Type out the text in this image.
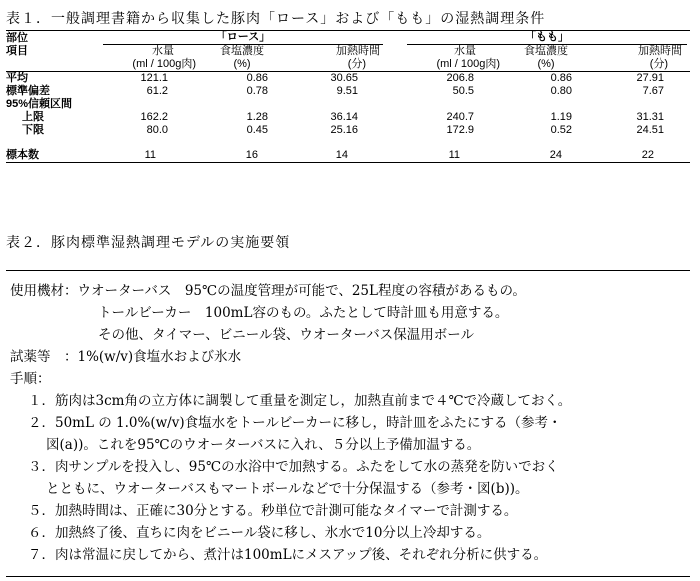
表１．一般調理書籍から収集した豚肉「ロース」および「もも」の湿熱調理条件
部位	「ロース」				「もも」		
項目	水量	食塩濃度	加熱時間		水量	食塩濃度	加熱時間
	(ml / 100g肉)	(%)	(分)		(ml / 100g肉)	(%)	(分)
平均	121.1	0.86	30.65		206.8	0.86	27.91
標準偏差	61.2	0.78	9.51		50.5	0.80	7.67
95%信頼区間							
上限	162.2	1.28	36.14		240.7	1.19	31.31
下限	80.0	0.45	25.16		172.9	0.52	24.51

標本数	11	16	14		11	24	22
表２．豚肉標準湿熱調理モデルの実施要領
使用機材：ウオーターバス　95℃の温度管理が可能で、25L程度の容積があるもの。
トールビーカー　100mL容のもの。ふたとして時計皿も用意する。
その他、タイマー、ビニール袋、ウオーターバス保温用ボール
試薬等　：1%(w/v)食塩水および氷水
手順：
１．筋肉は3cm角の立方体に調製して重量を測定し，加熱直前まで４℃で冷蔵しておく。
２．50mL の 1.0%(w/v)食塩水をトールビーカーに移し，時計皿をふたにする（参考・
図(a))。これを95℃のウオーターバスに入れ、５分以上予備加温する。
３．肉サンプルを投入し、95℃の水浴中で加熱する。ふたをして水の蒸発を防いでおく
とともに、ウオーターバスもマートボールなどで十分保温する（参考・図(b))。
５．加熱時間は、正確に30分とする。秒単位で計測可能なタイマーで計測する。
６．加熱終了後、直ちに肉をビニール袋に移し、氷水で10分以上冷却する。
７．肉は常温に戻してから、煮汁は100mLにメスアップ後、それぞれ分析に供する。
